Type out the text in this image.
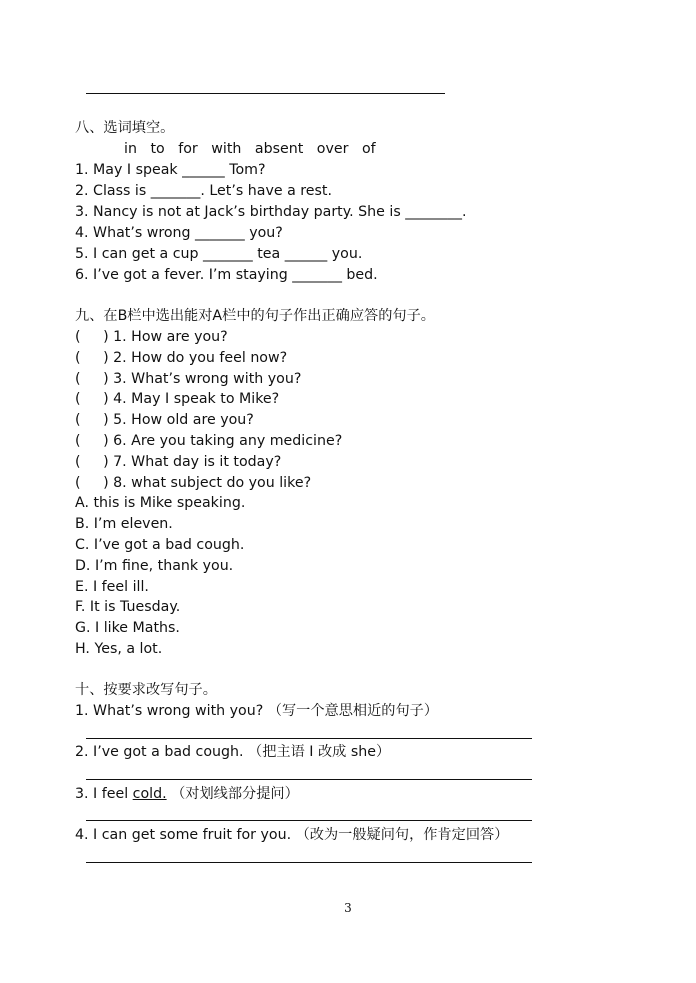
八、选词填空。
in   to   for   with   absent   over   of
1. May I speak ______ Tom?
2. Class is _______. Let’s have a rest.
3. Nancy is not at Jack’s birthday party. She is ________.
4. What’s wrong _______ you?
5. I can get a cup _______ tea ______ you.
6. I’ve got a fever. I’m staying _______ bed.
九、在B栏中选出能对A栏中的句子作出正确应答的句子。
(     ) 1. How are you?
(     ) 2. How do you feel now?
(     ) 3. What’s wrong with you?
(     ) 4. May I speak to Mike?
(     ) 5. How old are you?
(     ) 6. Are you taking any medicine?
(     ) 7. What day is it today?
(     ) 8. what subject do you like?
A. this is Mike speaking.
B. I’m eleven.
C. I’ve got a bad cough.
D. I’m fine, thank you.
E. I feel ill.
F. It is Tuesday.
G. I like Maths.
H. Yes, a lot.
十、按要求改写句子。
1. What’s wrong with you? （写一个意思相近的句子）
2. I’ve got a bad cough. （把主语 I 改成 she）
3. I feel cold. （对划线部分提问）
4. I can get some fruit for you. （改为一般疑问句，作肯定回答）
3
